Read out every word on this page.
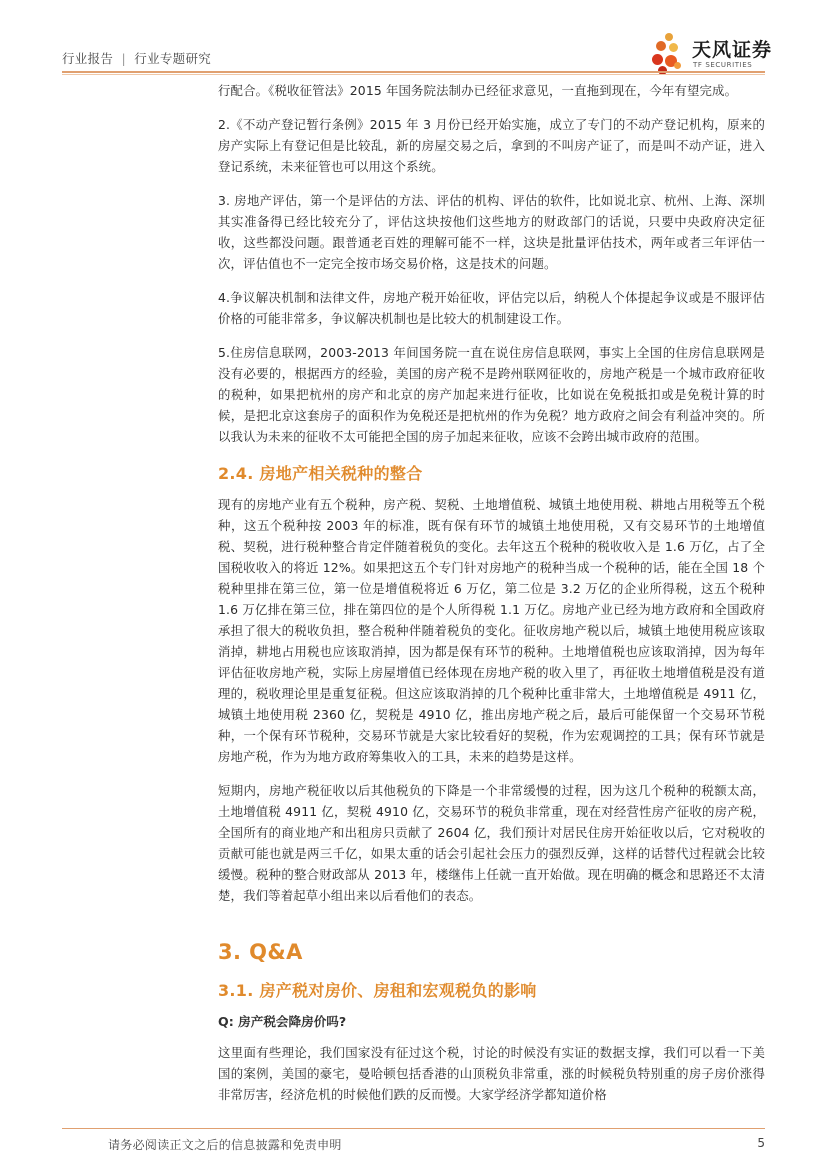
行业报告 | 行业专题研究	天风证券
TF SECURITIES

行配合。《税收征管法》2015 年国务院法制办已经征求意见，一直拖到现在，今年有望完成。

2.《不动产登记暂行条例》2015 年 3 月份已经开始实施，成立了专门的不动产登记机构，原来的房产实际上有登记但是比较乱，新的房屋交易之后，拿到的不叫房产证了，而是叫不动产证，进入登记系统，未来征管也可以用这个系统。

3. 房地产评估，第一个是评估的方法、评估的机构、评估的软件，比如说北京、杭州、上海、深圳其实准备得已经比较充分了，评估这块按他们这些地方的财政部门的话说，只要中央政府决定征收，这些都没问题。跟普通老百姓的理解可能不一样，这块是批量评估技术，两年或者三年评估一次，评估值也不一定完全按市场交易价格，这是技术的问题。

4.争议解决机制和法律文件，房地产税开始征收，评估完以后，纳税人个体提起争议或是不服评估价格的可能非常多，争议解决机制也是比较大的机制建设工作。

5.住房信息联网，2003-2013 年间国务院一直在说住房信息联网，事实上全国的住房信息联网是没有必要的，根据西方的经验，美国的房产税不是跨州联网征收的，房地产税是一个城市政府征收的税种，如果把杭州的房产和北京的房产加起来进行征收，比如说在免税抵扣或是免税计算的时候，是把北京这套房子的面积作为免税还是把杭州的作为免税？地方政府之间会有利益冲突的。所以我认为未来的征收不太可能把全国的房子加起来征收，应该不会跨出城市政府的范围。

2.4. 房地产相关税种的整合

现有的房地产业有五个税种，房产税、契税、土地增值税、城镇土地使用税、耕地占用税等五个税种，这五个税种按 2003 年的标准，既有保有环节的城镇土地使用税，又有交易环节的土地增值税、契税，进行税种整合肯定伴随着税负的变化。去年这五个税种的税收收入是 1.6 万亿，占了全国税收收入的将近 12%。如果把这五个专门针对房地产的税种当成一个税种的话，能在全国 18 个税种里排在第三位，第一位是增值税将近 6 万亿，第二位是 3.2 万亿的企业所得税，这五个税种 1.6 万亿排在第三位，排在第四位的是个人所得税 1.1 万亿。房地产业已经为地方政府和全国政府承担了很大的税收负担，整合税种伴随着税负的变化。征收房地产税以后，城镇土地使用税应该取消掉，耕地占用税也应该取消掉，因为都是保有环节的税种。土地增值税也应该取消掉，因为每年评估征收房地产税，实际上房屋增值已经体现在房地产税的收入里了，再征收土地增值税是没有道理的，税收理论里是重复征税。但这应该取消掉的几个税种比重非常大，土地增值税是 4911 亿，城镇土地使用税 2360 亿，契税是 4910 亿，推出房地产税之后，最后可能保留一个交易环节税种，一个保有环节税种，交易环节就是大家比较看好的契税，作为宏观调控的工具；保有环节就是房地产税，作为为地方政府筹集收入的工具，未来的趋势是这样。

短期内，房地产税征收以后其他税负的下降是一个非常缓慢的过程，因为这几个税种的税额太高，土地增值税 4911 亿，契税 4910 亿，交易环节的税负非常重，现在对经营性房产征收的房产税，全国所有的商业地产和出租房只贡献了 2604 亿，我们预计对居民住房开始征收以后，它对税收的贡献可能也就是两三千亿，如果太重的话会引起社会压力的强烈反弹，这样的话替代过程就会比较缓慢。税种的整合财政部从 2013 年，楼继伟上任就一直开始做。现在明确的概念和思路还不太清楚，我们等着起草小组出来以后看他们的表态。

3. Q&A
3.1. 房产税对房价、房租和宏观税负的影响
Q: 房产税会降房价吗?

这里面有些理论，我们国家没有征过这个税，讨论的时候没有实证的数据支撑，我们可以看一下美国的案例，美国的豪宅，曼哈顿包括香港的山顶税负非常重，涨的时候税负特别重的房子房价涨得非常厉害，经济危机的时候他们跌的反而慢。大家学经济学都知道价格

请务必阅读正文之后的信息披露和免责申明	5
